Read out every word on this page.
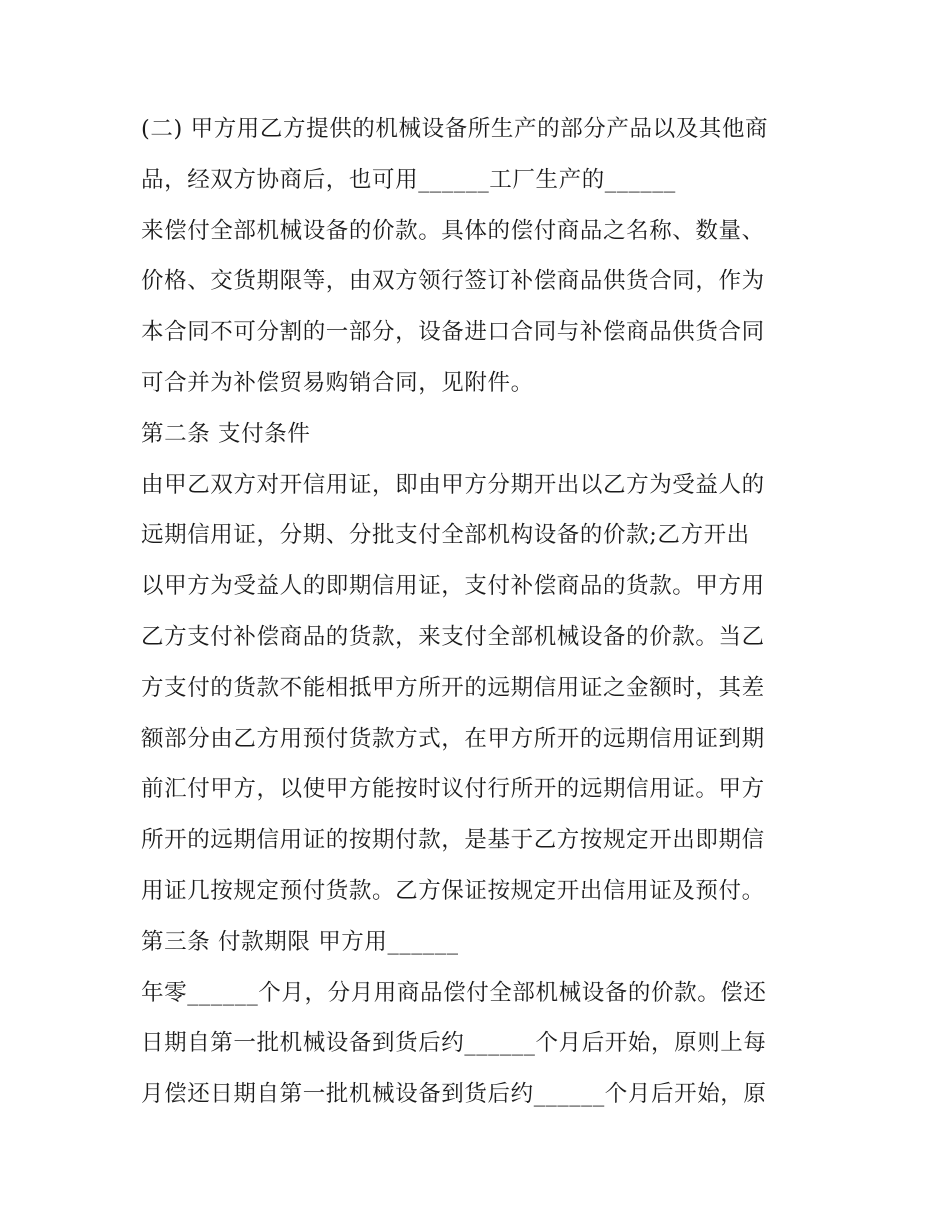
(二) 甲方用乙方提供的机械设备所生产的部分产品以及其他商
品，经双方协商后，也可用______工厂生产的______
来偿付全部机械设备的价款。具体的偿付商品之名称、数量、
价格、交货期限等，由双方领行签订补偿商品供货合同，作为
本合同不可分割的一部分，设备进口合同与补偿商品供货合同
可合并为补偿贸易购销合同，见附件。
第二条 支付条件
由甲乙双方对开信用证，即由甲方分期开出以乙方为受益人的
远期信用证，分期、分批支付全部机构设备的价款;乙方开出
以甲方为受益人的即期信用证，支付补偿商品的货款。甲方用
乙方支付补偿商品的货款，来支付全部机械设备的价款。当乙
方支付的货款不能相抵甲方所开的远期信用证之金额时，其差
额部分由乙方用预付货款方式，在甲方所开的远期信用证到期
前汇付甲方，以使甲方能按时议付行所开的远期信用证。甲方
所开的远期信用证的按期付款，是基于乙方按规定开出即期信
用证几按规定预付货款。乙方保证按规定开出信用证及预付。
第三条 付款期限 甲方用______
年零______个月，分月用商品偿付全部机械设备的价款。偿还
日期自第一批机械设备到货后约______个月后开始，原则上每
月偿还日期自第一批机械设备到货后约______个月后开始，原
